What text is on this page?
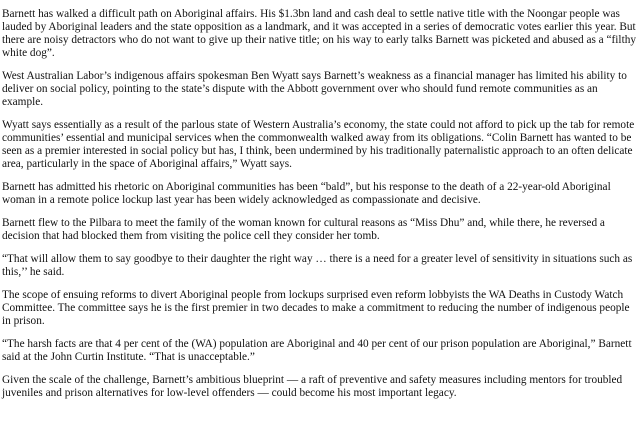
Barnett has walked a difficult path on Aboriginal affairs. His $1.3bn land and cash deal to settle native title with the Noongar people was lauded by Aboriginal leaders and the state opposition as a landmark, and it was accepted in a series of democratic votes earlier this year. But there are noisy detractors who do not want to give up their native title; on his way to early talks Barnett was picketed and abused as a “filthy white dog”.

West Australian Labor’s indigenous affairs spokesman Ben Wyatt says Barnett’s weakness as a financial manager has limited his ability to deliver on social policy, pointing to the state’s dispute with the Abbott government over who should fund remote communities as an example.

Wyatt says essentially as a result of the parlous state of Western Australia’s economy, the state could not afford to pick up the tab for remote communities’ essential and municipal services when the commonwealth walked away from its obligations. “Colin Barnett has wanted to be seen as a premier interested in social policy but has, I think, been undermined by his traditionally paternalistic approach to an often delicate area, particularly in the space of Aboriginal affairs,” Wyatt says.

Barnett has admitted his rhetoric on Aboriginal communities has been “bald”, but his response to the death of a 22-year-old Aboriginal woman in a remote police lockup last year has been widely acknowledged as compassionate and decisive.

Barnett flew to the Pilbara to meet the family of the woman known for cultural reasons as “Miss Dhu” and, while there, he reversed a decision that had blocked them from visiting the police cell they consider her tomb.

“That will allow them to say goodbye to their daughter the right way … there is a need for a greater level of sensitivity in situations such as this,’’ he said.

The scope of ensuing reforms to divert Aboriginal people from lockups surprised even reform lobbyists the WA Deaths in Custody Watch Committee. The committee says he is the first premier in two decades to make a commitment to reducing the number of indigenous people in prison.

“The harsh facts are that 4 per cent of the (WA) population are Aboriginal and 40 per cent of our prison population are Aboriginal,” Barnett said at the John Curtin Institute. “That is unacceptable.”

Given the scale of the challenge, Barnett’s ambitious blueprint — a raft of preventive and safety measures including mentors for troubled juveniles and prison alternatives for low-level offenders — could become his most important legacy.
